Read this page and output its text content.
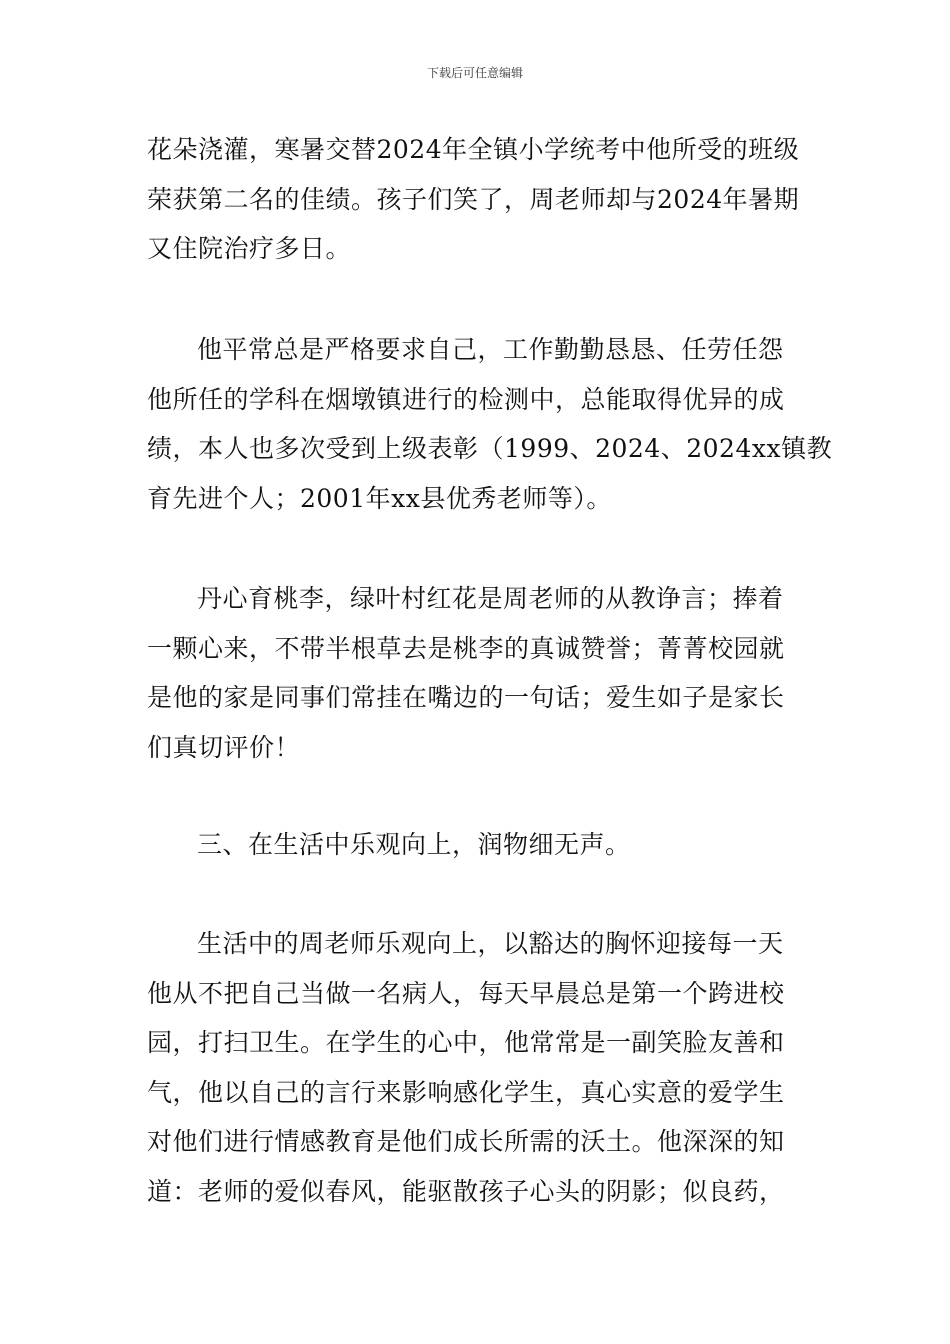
下载后可任意编辑

花朵浇灌，寒暑交替2024年全镇小学统考中他所受的班级
荣获第二名的佳绩。孩子们笑了，周老师却与2024年暑期
又住院治疗多日。

他平常总是严格要求自己，工作勤勤恳恳、任劳任怨
他所任的学科在烟墩镇进行的检测中，总能取得优异的成
绩，本人也多次受到上级表彰（1999、2024、2024xx镇教
育先进个人；2001年xx县优秀老师等）。

丹心育桃李，绿叶村红花是周老师的从教诤言；捧着
一颗心来，不带半根草去是桃李的真诚赞誉；菁菁校园就
是他的家是同事们常挂在嘴边的一句话；爱生如子是家长
们真切评价！

三、在生活中乐观向上，润物细无声。

生活中的周老师乐观向上，以豁达的胸怀迎接每一天
他从不把自己当做一名病人，每天早晨总是第一个跨进校
园，打扫卫生。在学生的心中，他常常是一副笑脸友善和
气，他以自己的言行来影响感化学生，真心实意的爱学生
对他们进行情感教育是他们成长所需的沃土。他深深的知
道：老师的爱似春风，能驱散孩子心头的阴影；似良药，
